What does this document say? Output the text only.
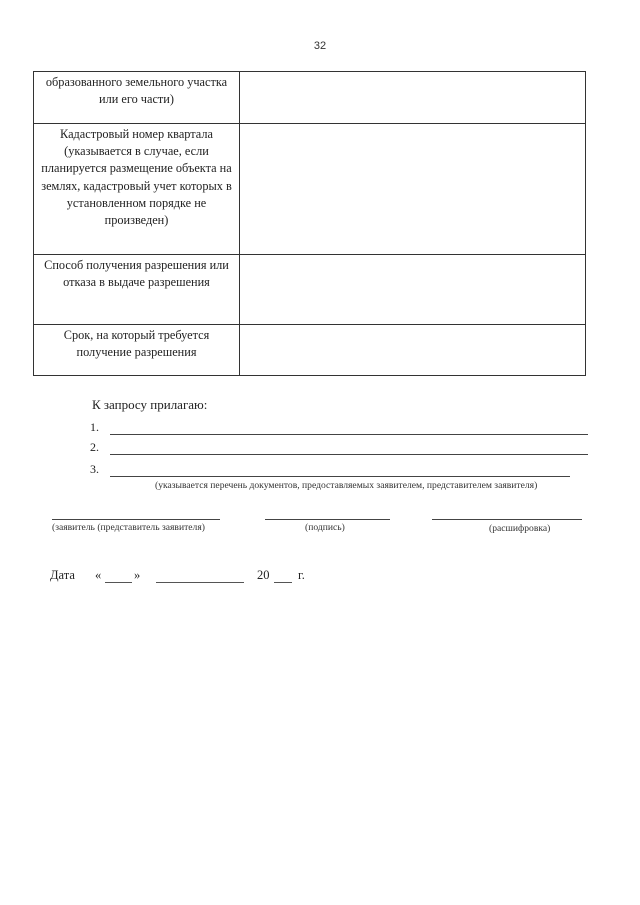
32
образованного земельного участка или его части)	
Кадастровый номер квартала (указывается в случае, если планируется размещение объекта на землях, кадастровый учет которых в установленном порядке не произведен)	
Способ получения разрешения или отказа в выдаче разрешения	
Срок, на который требуется получение разрешения	
К запросу прилагаю:
1.
2.
3.
(указывается перечень документов, предоставляемых заявителем, представителем заявителя)
(заявитель (представитель заявителя)	(подпись)	(расшифровка)
Дата «	»	20 г.
